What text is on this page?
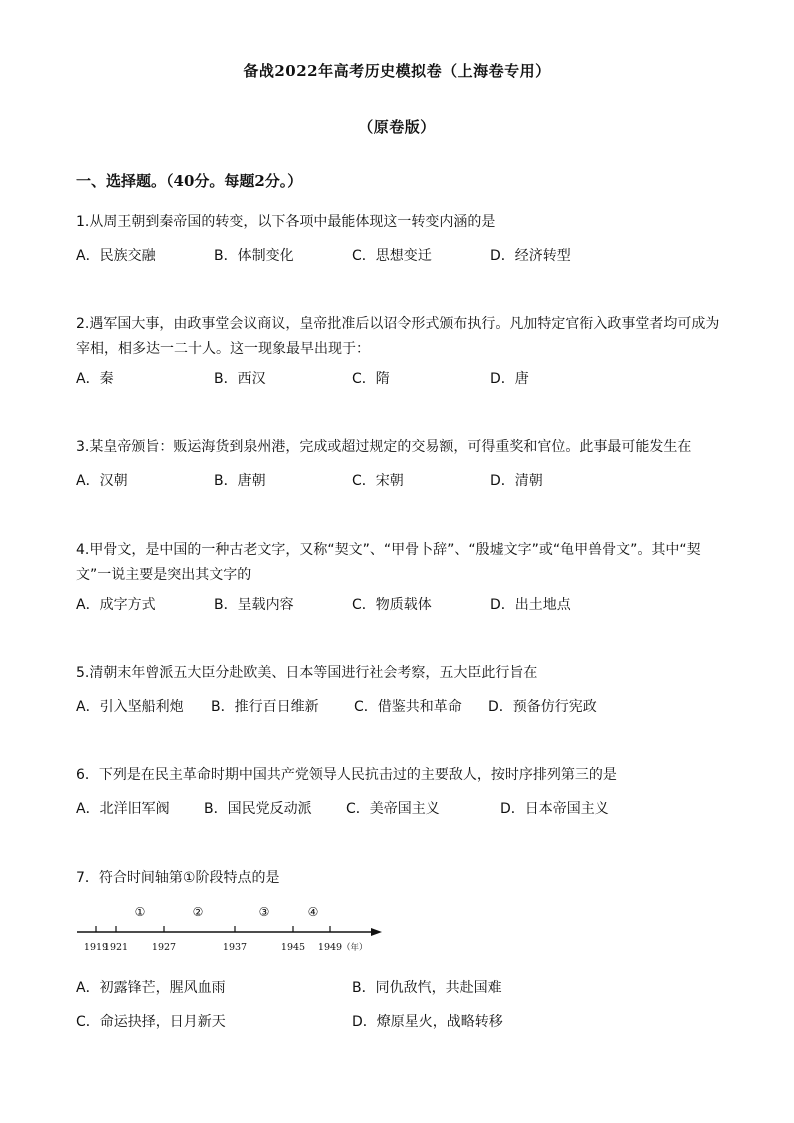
备战2022年高考历史模拟卷（上海卷专用）
（原卷版）
一、选择题。（40分。每题2分。）
1.从周王朝到秦帝国的转变，以下各项中最能体现这一转变内涵的是
A．民族交融	B．体制变化	C．思想变迁	D．经济转型
2.遇军国大事，由政事堂会议商议，皇帝批准后以诏令形式颁布执行。凡加特定官衔入政事堂者均可成为宰相，相多达一二十人。这一现象最早出现于：
A．秦	B．西汉	C．隋	D．唐
3.某皇帝颁旨：贩运海货到泉州港，完成或超过规定的交易额，可得重奖和官位。此事最可能发生在
A．汉朝	B．唐朝	C．宋朝	D．清朝
4.甲骨文，是中国的一种古老文字，又称“契文”、“甲骨卜辞”、“殷墟文字”或“龟甲兽骨文”。其中“契文”一说主要是突出其文字的
A．成字方式	B．呈载内容	C．物质载体	D．出土地点
5.清朝末年曾派五大臣分赴欧美、日本等国进行社会考察，五大臣此行旨在
A．引入坚船利炮 B．推行百日维新	C．借鉴共和革命 D．预备仿行宪政
6．下列是在民主革命时期中国共产党领导人民抗击过的主要敌人，按时序排列第三的是
A．北洋旧军阀 B．国民党反动派 C．美帝国主义	D．日本帝国主义
7．符合时间轴第①阶段特点的是
1919
1921	1927	1937	1945 1949 （年）
①	②	③	④
A．初露锋芒，腥风血雨	B．同仇敌忾，共赴国难
C．命运抉择，日月新天	D．燎原星火，战略转移
